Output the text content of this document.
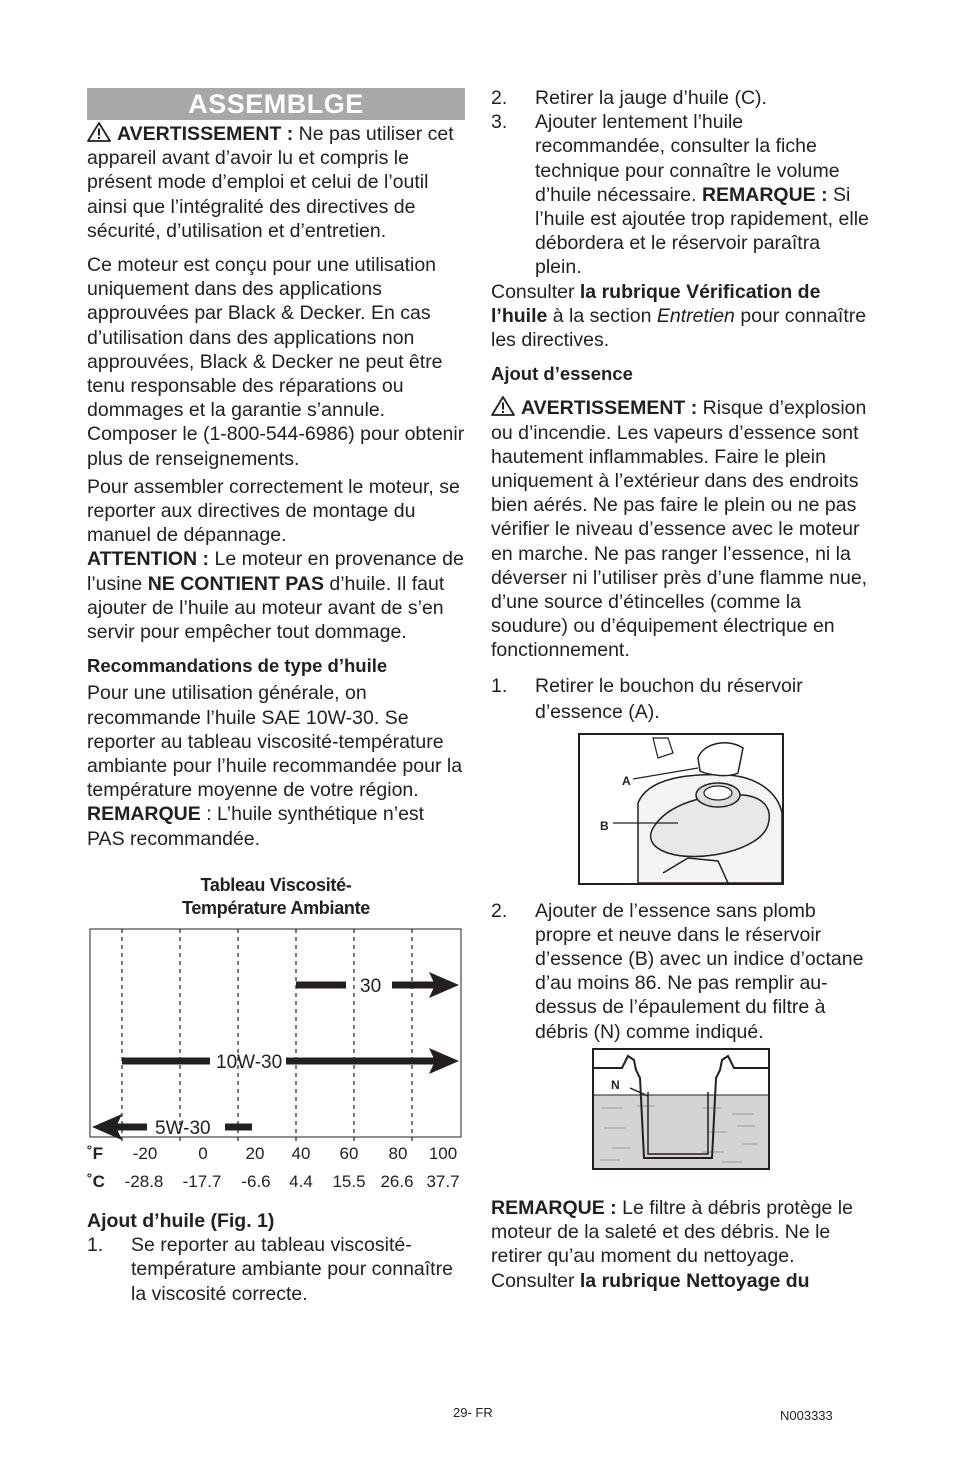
ASSEMBLGE

AVERTISSEMENT : Ne pas utiliser cet appareil avant d’avoir lu et compris le présent mode d’emploi et celui de l’outil ainsi que l’intégralité des directives de sécurité, d’utilisation et d’entretien.

Ce moteur est conçu pour une utilisation uniquement dans des applications approuvées par Black & Decker. En cas d’utilisation dans des applications non approuvées, Black & Decker ne peut être tenu responsable des réparations ou dommages et la garantie s’annule. Composer le (1-800-544-6986) pour obtenir plus de renseignements.

Pour assembler correctement le moteur, se reporter aux directives de montage du manuel de dépannage.

ATTENTION : Le moteur en provenance de l’usine NE CONTIENT PAS d’huile. Il faut ajouter de l’huile au moteur avant de s’en servir pour empêcher tout dommage.

Recommandations de type d’huile

Pour une utilisation générale, on recommande l’huile SAE 10W-30. Se reporter au tableau viscosité-température ambiante pour l’huile recommandée pour la température moyenne de votre région.

REMARQUE : L’huile synthétique n’est PAS recommandée.

Tableau Viscosité-
Température Ambiante
30
10W-30
5W-30
˚F
˚C
-20 0 20 40 60 80 100
-28.8 -17.7 -6.6 4.4 15.5 26.6 37.7

Ajout d’huile (Fig. 1)

1. Se reporter au tableau viscosité-température ambiante pour connaître la viscosité correcte.
2. Retirer la jauge d’huile (C).
3. Ajouter lentement l’huile recommandée, consulter la fiche technique pour connaître le volume d’huile nécessaire. REMARQUE : Si l’huile est ajoutée trop rapidement, elle débordera et le réservoir paraîtra plein.

Consulter la rubrique Vérification de l’huile à la section Entretien pour connaître les directives.

Ajout d’essence

AVERTISSEMENT : Risque d’explosion ou d’incendie. Les vapeurs d’essence sont hautement inflammables. Faire le plein uniquement à l’extérieur dans des endroits bien aérés. Ne pas faire le plein ou ne pas vérifier le niveau d’essence avec le moteur en marche. Ne pas ranger l’essence, ni la déverser ni l’utiliser près d’une flamme nue, d’une source d’étincelles (comme la soudure) ou d’équipement électrique en fonctionnement.

1. Retirer le bouchon du réservoir d’essence (A).
A
B
2. Ajouter de l’essence sans plomb propre et neuve dans le réservoir d’essence (B) avec un indice d’octane d’au moins 86. Ne pas remplir au-dessus de l’épaulement du filtre à débris (N) comme indiqué.
N

REMARQUE : Le filtre à débris protège le moteur de la saleté et des débris. Ne le retirer qu’au moment du nettoyage. Consulter la rubrique Nettoyage du

29- FR	N003333
